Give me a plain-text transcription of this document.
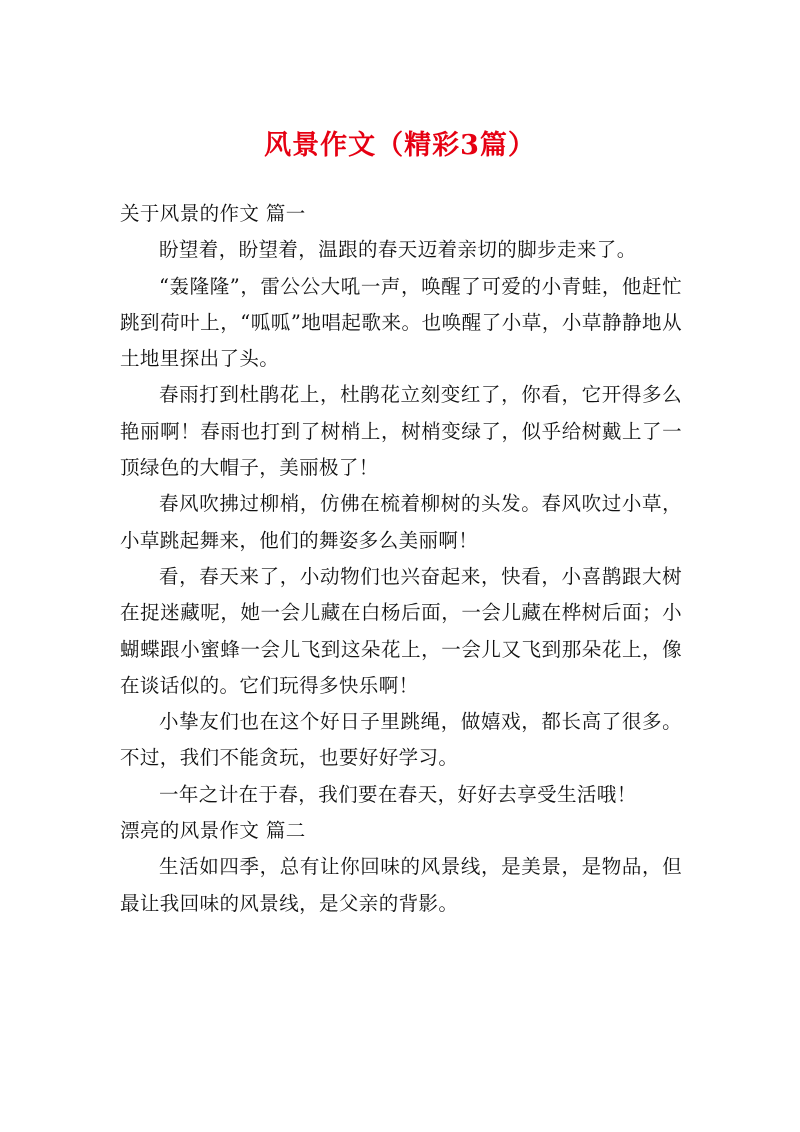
风景作文（精彩3篇）

关于风景的作文 篇一

盼望着，盼望着，温跟的春天迈着亲切的脚步走来了。

“轰隆隆”，雷公公大吼一声，唤醒了可爱的小青蛙，他赶忙跳到荷叶上，“呱呱”地唱起歌来。也唤醒了小草，小草静静地从土地里探出了头。

春雨打到杜鹃花上，杜鹃花立刻变红了，你看，它开得多么艳丽啊！春雨也打到了树梢上，树梢变绿了，似乎给树戴上了一顶绿色的大帽子，美丽极了！

春风吹拂过柳梢，仿佛在梳着柳树的头发。春风吹过小草，小草跳起舞来，他们的舞姿多么美丽啊！

看，春天来了，小动物们也兴奋起来，快看，小喜鹊跟大树在捉迷藏呢，她一会儿藏在白杨后面，一会儿藏在桦树后面；小蝴蝶跟小蜜蜂一会儿飞到这朵花上，一会儿又飞到那朵花上，像在谈话似的。它们玩得多快乐啊！

小挚友们也在这个好日子里跳绳，做嬉戏，都长高了很多。不过，我们不能贪玩，也要好好学习。

一年之计在于春，我们要在春天，好好去享受生活哦！

漂亮的风景作文 篇二

生活如四季，总有让你回味的风景线，是美景，是物品，但最让我回味的风景线，是父亲的背影。
